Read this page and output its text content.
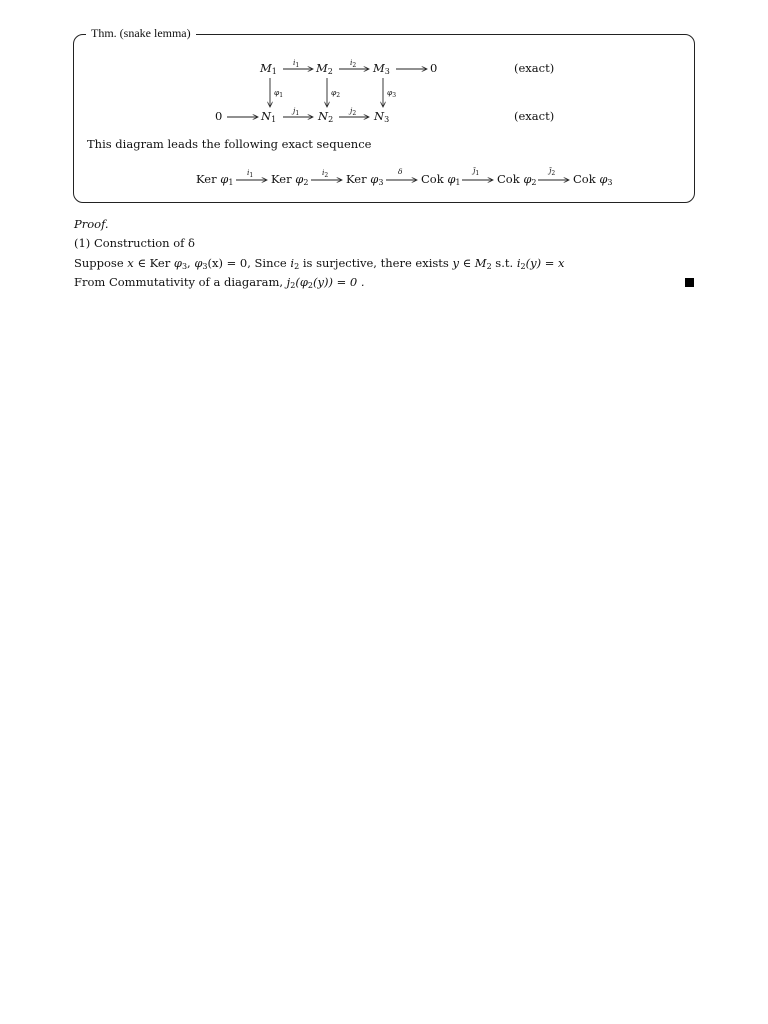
Thm. (snake lemma)
$M_1$	$M_2$	$M_3$	0
$i_1$	$i_2$	(exact)
$\varphi_1$	$\varphi_2$	$\varphi_3$
0	$N_1$	$N_2$	$N_3$
$j_1$	$j_2$	(exact)
This diagram leads the following exact sequence
Ker $\varphi_1$	Ker $\varphi_2$	Ker $\varphi_3$	Cok $\varphi_1$	Cok $\varphi_2$	Cok $\varphi_3$
$i_1$	$i_2$	δ	$j̄_1$	$j̄_2$
Proof.
(1) Construction of δ
Suppose x ∈ Ker $\varphi_3$, $\varphi_3(x) = 0$, Since $i_2$ is surjective, there exists y ∈ $M_2$ s.t. $i_2(y) = x$
From Commutativity of a diagaram, $j_2(\varphi_2(y)) = 0$ .
